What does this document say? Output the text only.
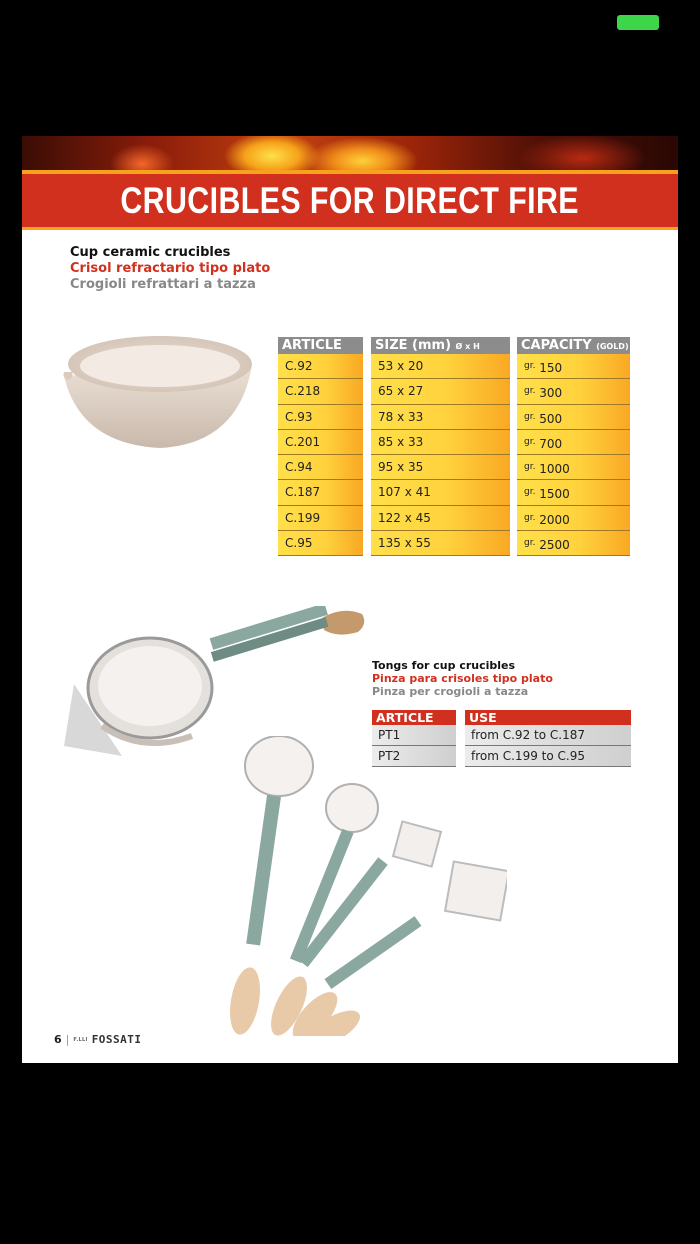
CRUCIBLES FOR DIRECT FIRE
Cup ceramic crucibles
Crisol refractario tipo plato
Crogioli refrattari a tazza
ARTICLE
C.92
C.218
C.93
C.201
C.94
C.187
C.199
C.95
SIZE (mm) Ø x H
53 x 20
65 x 27
78 x 33
85 x 33
95 x 35
107 x 41
122 x 45
135 x 55
CAPACITY (GOLD)
$^{gr.}$ 150
$^{gr.}$ 300
$^{gr.}$ 500
$^{gr.}$ 700
$^{gr.}$ 1000
$^{gr.}$ 1500
$^{gr.}$ 2000
$^{gr.}$ 2500
Tongs for cup crucibles
Pinza para crisoles tipo plato
Pinza per crogioli a tazza
ARTICLE
PT1
PT2
USE
from C.92 to C.187
from C.199 to C.95
6 | F.LLI FOSSATI
